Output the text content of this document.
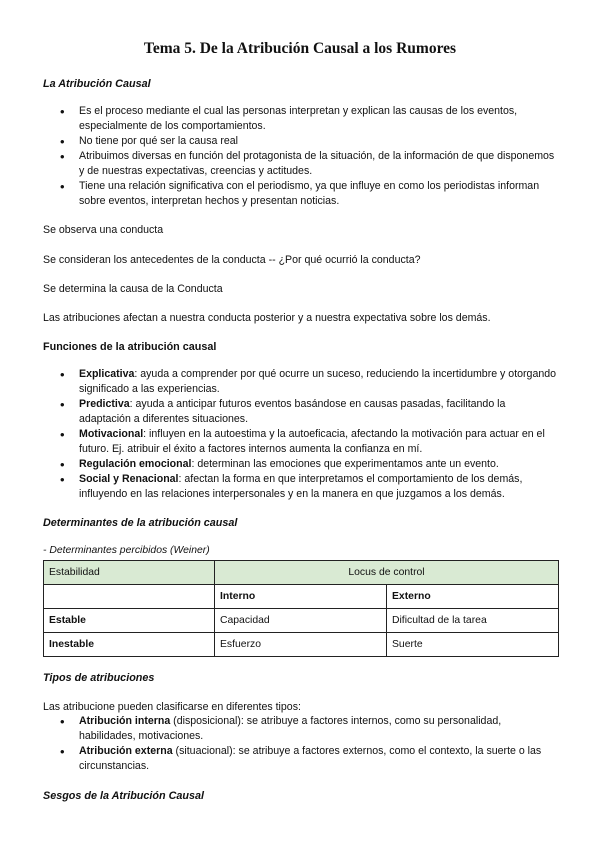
Tema 5. De la Atribución Causal a los Rumores
La Atribución Causal
• Es el proceso mediante el cual las personas interpretan y explican las causas de los eventos, especialmente de los comportamientos.
• No tiene por qué ser la causa real
• Atribuimos diversas en función del protagonista de la situación, de la información de que disponemos y de nuestras expectativas, creencias y actitudes.
• Tiene una relación significativa con el periodismo, ya que influye en como los periodistas informan sobre eventos, interpretan hechos y presentan noticias.
Se observa una conducta
Se consideran los antecedentes de la conducta -- ¿Por qué ocurrió la conducta?
Se determina la causa de la Conducta
Las atribuciones afectan a nuestra conducta posterior y a nuestra expectativa sobre los demás.
Funciones de la atribución causal
• Explicativa: ayuda a comprender por qué ocurre un suceso, reduciendo la incertidumbre y otorgando significado a las experiencias.
• Predictiva: ayuda a anticipar futuros eventos basándose en causas pasadas, facilitando la adaptación a diferentes situaciones.
• Motivacional: influyen en la autoestima y la autoeficacia, afectando la motivación para actuar en el futuro. Ej. atribuir el éxito a factores internos aumenta la confianza en mí.
• Regulación emocional: determinan las emociones que experimentamos ante un evento.
• Social y Renacional: afectan la forma en que interpretamos el comportamiento de los demás, influyendo en las relaciones interpersonales y en la manera en que juzgamos a los demás.
Determinantes de la atribución causal
- Determinantes percibidos (Weiner)
Estabilidad	Locus de control	
	Interno	Externo
Estable	Capacidad	Dificultad de la tarea
Inestable	Esfuerzo	Suerte
Tipos de atribuciones
Las atribucione pueden clasificarse en diferentes tipos:
• Atribución interna (disposicional): se atribuye a factores internos, como su personalidad, habilidades, motivaciones.
• Atribución externa (situacional): se atribuye a factores externos, como el contexto, la suerte o las circunstancias.
Sesgos de la Atribución Causal
